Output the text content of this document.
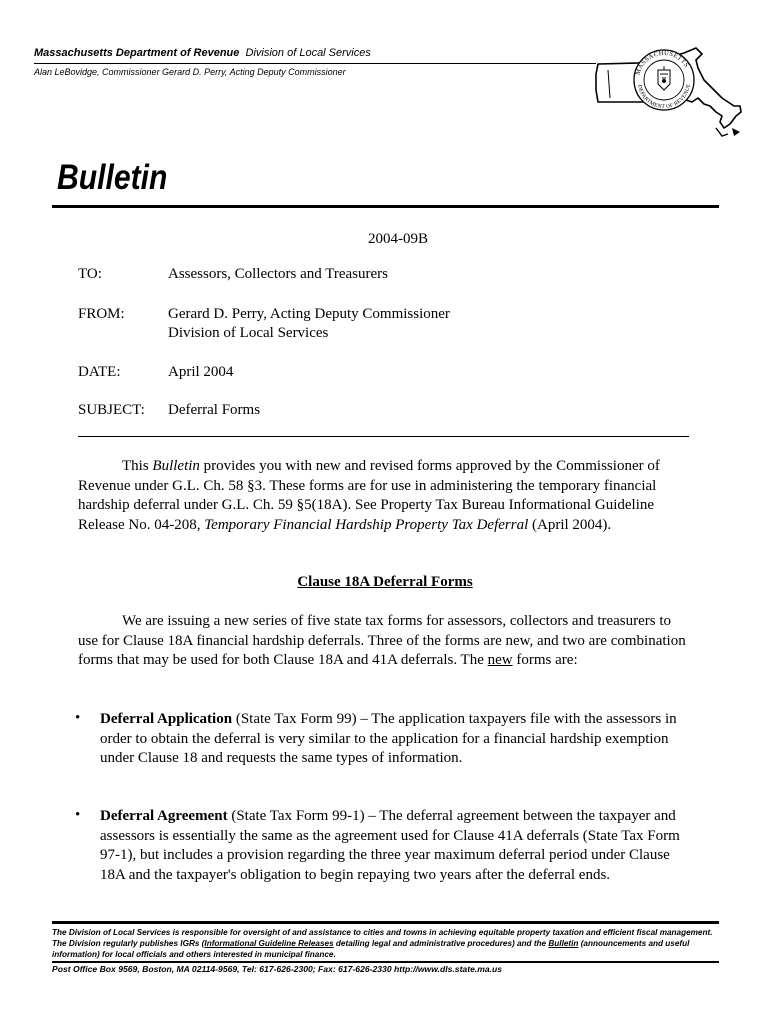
Massachusetts Department of Revenue Division of Local Services
Alan LeBovidge, Commissioner Gerard D. Perry, Acting Deputy Commissioner	MASSACHUSETTS
DEPARTMENT OF REVENUE
Bulletin
2004-09B
TO:	Assessors, Collectors and Treasurers
FROM:	Gerard D. Perry, Acting Deputy Commissioner
Division of Local Services
DATE:	April 2004
SUBJECT: Deferral Forms

This Bulletin provides you with new and revised forms approved by the Commissioner of Revenue under G.L. Ch. 58 §3. These forms are for use in administering the temporary financial hardship deferral under G.L. Ch. 59 §5(18A). See Property Tax Bureau Informational Guideline Release No. 04-208, Temporary Financial Hardship Property Tax Deferral (April 2004).

Clause 18A Deferral Forms

We are issuing a new series of five state tax forms for assessors, collectors and treasurers to use for Clause 18A financial hardship deferrals. Three of the forms are new, and two are combination forms that may be used for both Clause 18A and 41A deferrals. The new forms are:

• Deferral Application (State Tax Form 99) – The application taxpayers file with the assessors in order to obtain the deferral is very similar to the application for a financial hardship exemption under Clause 18 and requests the same types of information.

• Deferral Agreement (State Tax Form 99-1) – The deferral agreement between the taxpayer and assessors is essentially the same as the agreement used for Clause 41A deferrals (State Tax Form 97-1), but includes a provision regarding the three year maximum deferral period under Clause 18A and the taxpayer's obligation to begin repaying two years after the deferral ends.

The Division of Local Services is responsible for oversight of and assistance to cities and towns in achieving equitable property taxation and efficient fiscal management. The Division regularly publishes IGRs (Informational Guideline Releases detailing legal and administrative procedures) and the Bulletin (announcements and useful information) for local officials and others interested in municipal finance.

Post Office Box 9569, Boston, MA 02114-9569, Tel: 617-626-2300; Fax: 617-626-2330 http://www.dls.state.ma.us
